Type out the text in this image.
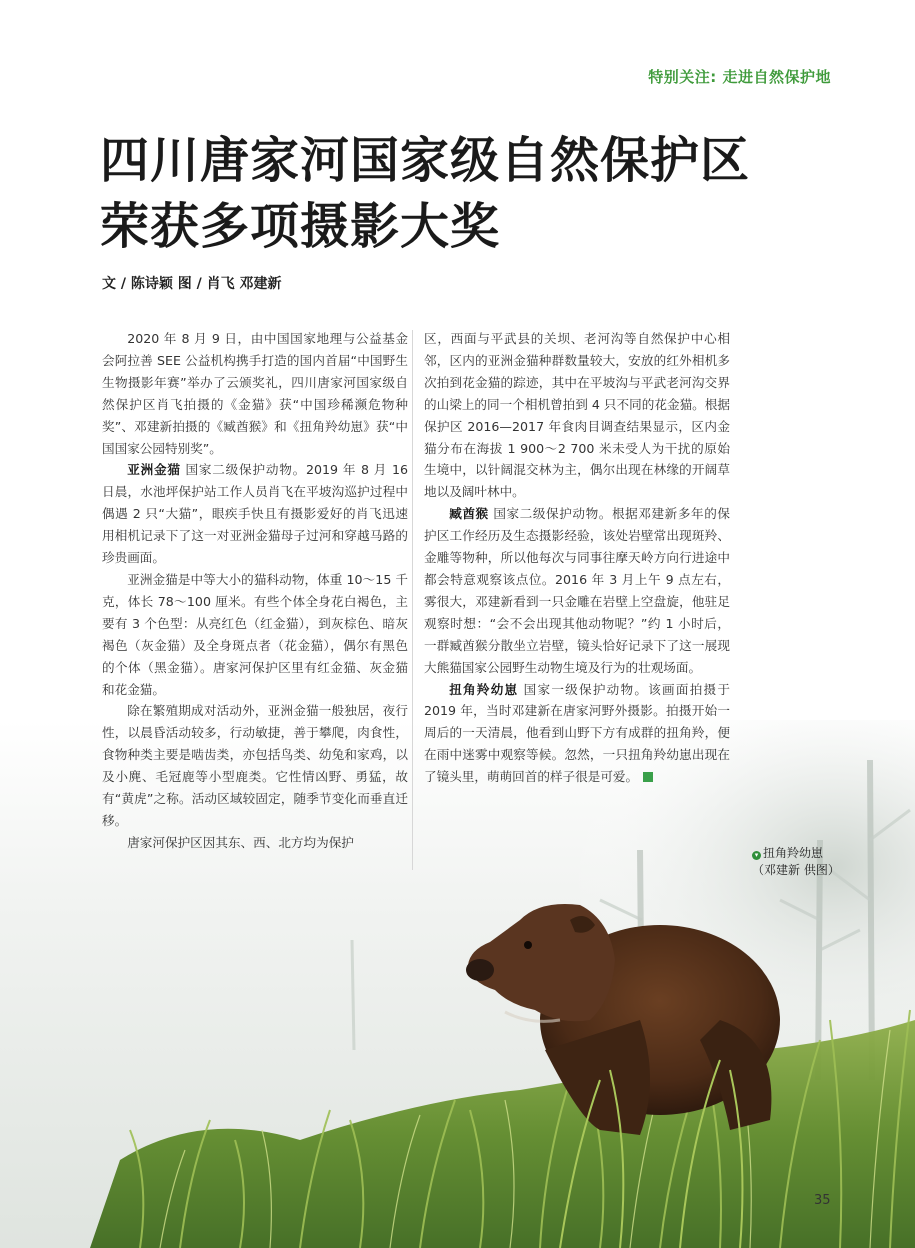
特别关注: 走进自然保护地
四川唐家河国家级自然保护区
荣获多项摄影大奖
文 / 陈诗颖 图 / 肖飞 邓建新

2020 年 8 月 9 日，由中国国家地理与公益基金会阿拉善 SEE 公益机构携手打造的国内首届“中国野生生物摄影年赛”举办了云颁奖礼，四川唐家河国家级自然保护区肖飞拍摄的《金猫》获“中国珍稀濒危物种奖”、邓建新拍摄的《臧酋猴》和《扭角羚幼崽》获“中国国家公园特别奖”。

亚洲金猫 国家二级保护动物。2019 年 8 月 16 日晨，水池坪保护站工作人员肖飞在平坡沟巡护过程中偶遇 2 只“大猫”，眼疾手快且有摄影爱好的肖飞迅速用相机记录下了这一对亚洲金猫母子过河和穿越马路的珍贵画面。

亚洲金猫是中等大小的猫科动物，体重 10～15 千克，体长 78～100 厘米。有些个体全身花白褐色，主要有 3 个色型：从亮红色（红金猫），到灰棕色、暗灰褐色（灰金猫）及全身斑点者（花金猫），偶尔有黑色的个体（黑金猫）。唐家河保护区里有红金猫、灰金猫和花金猫。

除在繁殖期成对活动外，亚洲金猫一般独居，夜行性，以晨昏活动较多，行动敏捷，善于攀爬，肉食性，食物种类主要是啮齿类，亦包括鸟类、幼兔和家鸡，以及小麂、毛冠鹿等小型鹿类。它性情凶野、勇猛，故有“黄虎”之称。活动区域较固定，随季节变化而垂直迁移。

唐家河保护区因其东、西、北方均为保护

区，西面与平武县的关坝、老河沟等自然保护中心相邻，区内的亚洲金猫种群数量较大，安放的红外相机多次拍到花金猫的踪迹，其中在平坡沟与平武老河沟交界的山梁上的同一个相机曾拍到 4 只不同的花金猫。根据保护区 2016—2017 年食肉目调查结果显示，区内金猫分布在海拔 1 900～2 700 米未受人为干扰的原始生境中，以针阔混交林为主，偶尔出现在林缘的开阔草地以及阔叶林中。

臧酋猴 国家二级保护动物。根据邓建新多年的保护区工作经历及生态摄影经验，该处岩壁常出现斑羚、金雕等物种，所以他每次与同事往摩天岭方向行进途中都会特意观察该点位。2016 年 3 月上午 9 点左右，雾很大，邓建新看到一只金雕在岩壁上空盘旋，他驻足观察时想：“会不会出现其他动物呢？”约 1 小时后，一群臧酋猴分散坐立岩壁，镜头恰好记录下了这一展现大熊猫国家公园野生动物生境及行为的壮观场面。

扭角羚幼崽 国家一级保护动物。该画面拍摄于 2019 年，当时邓建新在唐家河野外摄影。拍摄开始一周后的一天清晨，他看到山野下方有成群的扭角羚，便在雨中迷雾中观察等候。忽然，一只扭角羚幼崽出现在了镜头里，萌萌回首的样子很是可爱。

▾ 扭角羚幼崽
（邓建新 供图）
35
